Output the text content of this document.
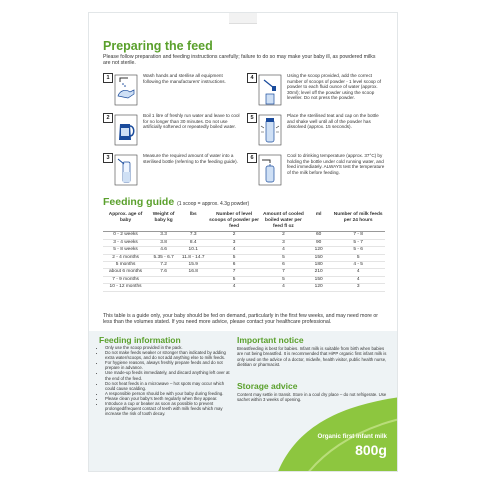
Preparing the feed
Please follow preparation and feeding instructions carefully; failure to do so may make your baby ill, as powdered milks are not sterile.
1	Wash hands and sterilise all equipment following the manufacturers' instructions.	4	Using the scoop provided, add the correct number of scoops of powder - 1 level scoop of powder to each fluid ounce of water (approx. 30ml); level off the powder using the scoop leveller. Do not press the powder.
2	Boil 1 litre of freshly run water and leave to cool for no longer than 30 minutes. Do not use artificially softened or repeatedly boiled water.
5	Place the sterilised teat and cap on the bottle and shake well until all of the powder has dissolved (approx. 15 seconds).
3	Measure the required amount of water into a sterilised bottle (referring to the feeding guide).	6	Cool to drinking temperature (approx. 37°C) by holding the bottle under cold running water, and feed immediately. ALWAYS test the temperature of the milk before feeding.
Feeding guide (1 scoop = approx. 4.3g powder)
Approx. age of baby	Weight of baby kg	lbs	Number of level scoops of powder per feed	Amount of cooled boiled water per feed fl oz	ml	Number of milk feeds per 24 hours
0 - 2 weeks	3.3	7.3	2	2	60	7 - 8
3 - 4 weeks	3.8	8.4	3	3	90	5 - 7
5 - 8 weeks	4.6	10.1	4	4	120	5 - 6
2 - 4 months	5.35 - 6.7	11.8 - 14.7	5	5	150	5
5 months	7.2	15.9	6	6	180	4 - 5
about 6 months	7.6	16.8	7	7	210	4
7 - 9 months			5	5	150	4
10 - 12 months			4	4	120	3
This table is a guide only, your baby should be fed on demand, particularly in the first few weeks, and may need more or less than the volumes stated. If you need more advice, please contact your healthcare professional.
Feeding information
• Only use the scoop provided in the pack.
• Do not make feeds weaker or stronger than indicated by adding extra water/scoops, and do not add anything else to milk feeds.
• For hygiene reasons, always freshly prepare feeds and do not prepare in advance.
• Use made-up feeds immediately, and discard anything left over at the end of the feed.
• Do not heat feeds in a microwave – hot spots may occur which could cause scalding.
• A responsible person should be with your baby during feeding.
• Please clean your baby's teeth regularly when they appear.
• Introduce a cup or beaker as soon as possible to prevent prolonged/frequent contact of teeth with milk feeds which may increase the risk of tooth decay.
Important notice
Breastfeeding is best for babies. Infant milk is suitable from birth when babies are not being breastfed. It is recommended that HiPP organic first infant milk is only used on the advice of a doctor, midwife, health visitor, public health nurse, dietitian or pharmacist.
Storage advice
Content may settle in transit. Store in a cool dry place – do not refrigerate. Use sachet within 3 weeks of opening.
Organic first infant milk
800g
